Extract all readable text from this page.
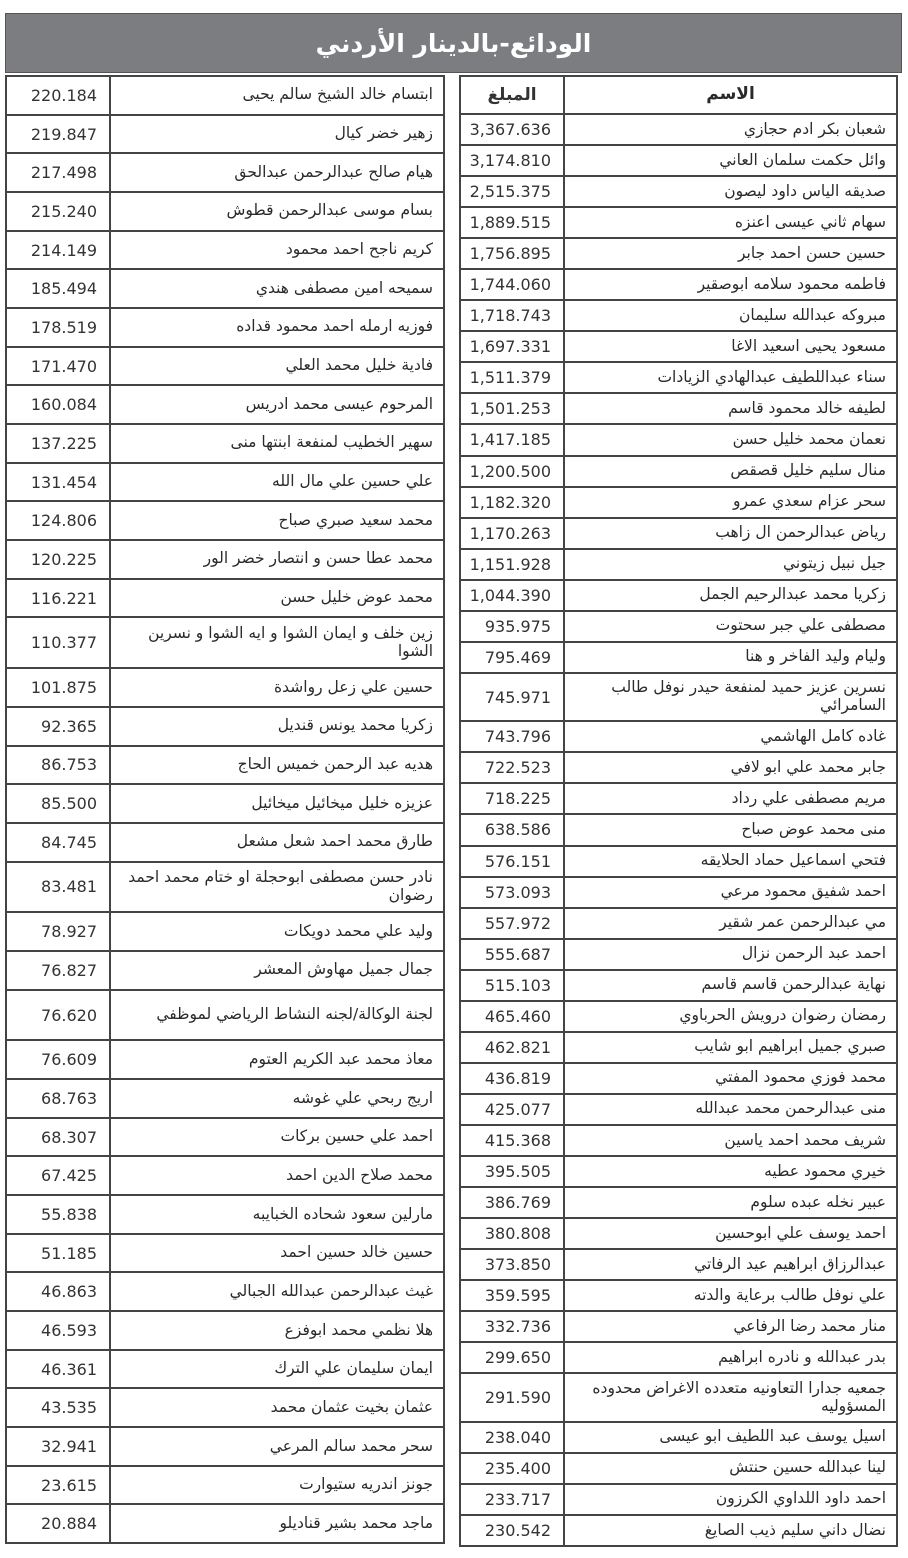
الودائع-بالدينار الأردني
المبلغ	الاسم
3,367.636	شعبان بكر ادم حجازي
3,174.810	وائل حكمت سلمان العاني
2,515.375	صديقه الياس داود ليصون
1,889.515	سهام ثاني عيسى اعنزه
1,756.895	حسين حسن احمد جابر
1,744.060	فاطمه محمود سلامه ابوصقير
1,718.743	مبروكه عبدالله سليمان
1,697.331	مسعود يحيى اسعيد الاغا
1,511.379	سناء عبداللطيف عبدالهادي الزيادات
1,501.253	لطيفه خالد محمود قاسم
1,417.185	نعمان محمد خليل حسن
1,200.500	منال سليم خليل قصقص
1,182.320	سحر عزام سعدي عمرو
1,170.263	رياض عبدالرحمن ال زاهب
1,151.928	جيل نبيل زيتوني
1,044.390	زكريا محمد عبدالرحيم الجمل
935.975	مصطفى علي جبر سحتوت
795.469	وليام وليد الفاخر و هنا
745.971
نسرين عزيز حميد لمنفعة حيدر نوفل طالب السامرائي
743.796	غاده كامل الهاشمي
722.523	جابر محمد علي ابو لافي
718.225	مريم مصطفى علي رداد
638.586	منى محمد عوض صباح
576.151	فتحي اسماعيل حماد الحلايقه
573.093	احمد شفيق محمود مرعي
557.972	مي عبدالرحمن عمر شقير
555.687	احمد عبد الرحمن نزال
515.103	نهاية عبدالرحمن قاسم قاسم
465.460	رمضان رضوان درويش الحرباوي
462.821	صبري جميل ابراهيم ابو شايب
436.819	محمد فوزي محمود المفتي
425.077	منى عبدالرحمن محمد عبدالله
415.368	شريف محمد احمد ياسين
395.505	خيري محمود عطيه
386.769	عبير نخله عبده سلوم
380.808	احمد يوسف علي ابوحسين
373.850	عبدالرزاق ابراهيم عيد الرفاتي
359.595	علي نوفل طالب برعاية والدته
332.736	منار محمد رضا الرفاعي
299.650	بدر عبدالله و نادره ابراهيم
291.590
جمعيه جدارا التعاونيه متعدده الاغراض محدوده المسؤوليه
238.040	اسيل يوسف عبد اللطيف ابو عيسى
235.400	لينا عبدالله حسين حنتش
233.717	احمد داود اللداوي الكرزون
230.542	نضال داني سليم ذيب الصايغ
220.184	ابتسام خالد الشيخ سالم يحيى
219.847	زهير خضر كيال
217.498	هيام صالح عبدالرحمن عبدالحق
215.240	بسام موسى عبدالرحمن قطوش
214.149	كريم ناجح احمد محمود
185.494	سميحه امين مصطفى هندي
178.519	فوزيه ارمله احمد محمود قداده
171.470	فادية خليل محمد العلي
160.084	المرحوم عيسى محمد ادريس
137.225	سهير الخطيب لمنفعة ابنتها منى
131.454	علي حسين علي مال الله
124.806	محمد سعيد صبري صباح
120.225	محمد عطا حسن و انتصار خضر الور
116.221	محمد عوض خليل حسن
110.377
زين خلف و ايمان الشوا و ايه الشوا و نسرين الشوا
101.875	حسين علي زعل رواشدة
92.365	زكريا محمد يونس قنديل
86.753	هديه عبد الرحمن خميس الحاج
85.500	عزيزه خليل ميخائيل ميخائيل
84.745	طارق محمد احمد شعل مشعل
83.481
نادر حسن مصطفى ابوحجلة او ختام محمد احمد رضوان
78.927	وليد علي محمد دويكات
76.827	جمال جميل مهاوش المعشر
76.620	لجنة الوكالة/لجنه النشاط الرياضي لموظفي
76.609	معاذ محمد عبد الكريم العتوم
68.763	اريج ربحي علي غوشه
68.307	احمد علي حسين بركات
67.425	محمد صلاح الدين احمد
55.838	مارلين سعود شحاده الخبايبه
51.185	حسين خالد حسين احمد
46.863	غيث عبدالرحمن عبدالله الجبالي
46.593	هلا نظمي محمد ابوفزع
46.361	ايمان سليمان علي الترك
43.535	عثمان بخيت عثمان محمد
32.941	سحر محمد سالم المرعي
23.615	جونز اندريه ستيوارت
20.884	ماجد محمد بشير قناديلو
